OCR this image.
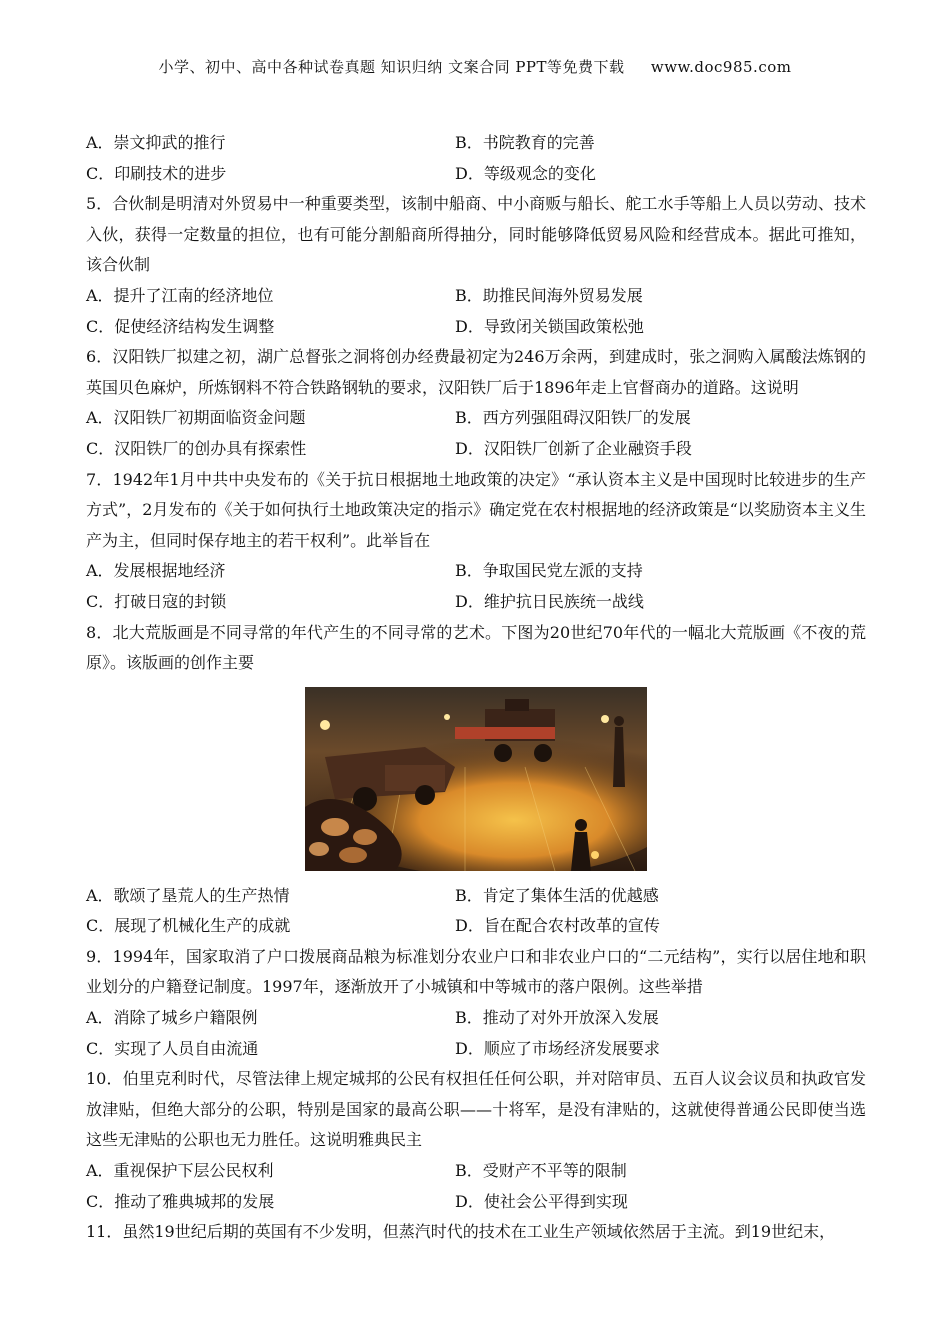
小学、初中、高中各种试卷真题 知识归纳 文案合同 PPT等免费下载 www.doc985.com
A．崇文抑武的推行	B．书院教育的完善
C．印刷技术的进步	D．等级观念的变化
5．合伙制是明清对外贸易中一种重要类型，该制中船商、中小商贩与船长、舵工水手等船上人员以劳动、技术入伙，获得一定数量的担位，也有可能分割船商所得抽分，同时能够降低贸易风险和经营成本。据此可推知，该合伙制
A．提升了江南的经济地位	B．助推民间海外贸易发展
C．促使经济结构发生调整	D．导致闭关锁国政策松弛
6．汉阳铁厂拟建之初，湖广总督张之洞将创办经费最初定为246万余两，到建成时，张之洞购入属酸法炼钢的英国贝色麻炉，所炼钢料不符合铁路钢轨的要求，汉阳铁厂后于1896年走上官督商办的道路。这说明
A．汉阳铁厂初期面临资金问题	B．西方列强阻碍汉阳铁厂的发展
C．汉阳铁厂的创办具有探索性	D．汉阳铁厂创新了企业融资手段
7．1942年1月中共中央发布的《关于抗日根据地土地政策的决定》“承认资本主义是中国现时比较进步的生产方式”，2月发布的《关于如何执行土地政策决定的指示》确定党在农村根据地的经济政策是“以奖励资本主义生产为主，但同时保存地主的若干权利”。此举旨在
A．发展根据地经济	B．争取国民党左派的支持
C．打破日寇的封锁	D．维护抗日民族统一战线
8．北大荒版画是不同寻常的年代产生的不同寻常的艺术。下图为20世纪70年代的一幅北大荒版画《不夜的荒原》。该版画的创作主要
A．歌颂了垦荒人的生产热情	B．肯定了集体生活的优越感
C．展现了机械化生产的成就	D．旨在配合农村改革的宣传
9．1994年，国家取消了户口拨展商品粮为标准划分农业户口和非农业户口的“二元结构”，实行以居住地和职业划分的户籍登记制度。1997年，逐渐放开了小城镇和中等城市的落户限例。这些举措
A．消除了城乡户籍限例	B．推动了对外开放深入发展
C．实现了人员自由流通	D．顺应了市场经济发展要求
10．伯里克利时代，尽管法律上规定城邦的公民有权担任任何公职，并对陪审员、五百人议会议员和执政官发放津贴，但绝大部分的公职，特别是国家的最高公职——十将军，是没有津贴的，这就使得普通公民即使当选这些无津贴的公职也无力胜任。这说明雅典民主
A．重视保护下层公民权利	B．受财产不平等的限制
C．推动了雅典城邦的发展	D．使社会公平得到实现
11．虽然19世纪后期的英国有不少发明，但蒸汽时代的技术在工业生产领域依然居于主流。到19世纪末，
